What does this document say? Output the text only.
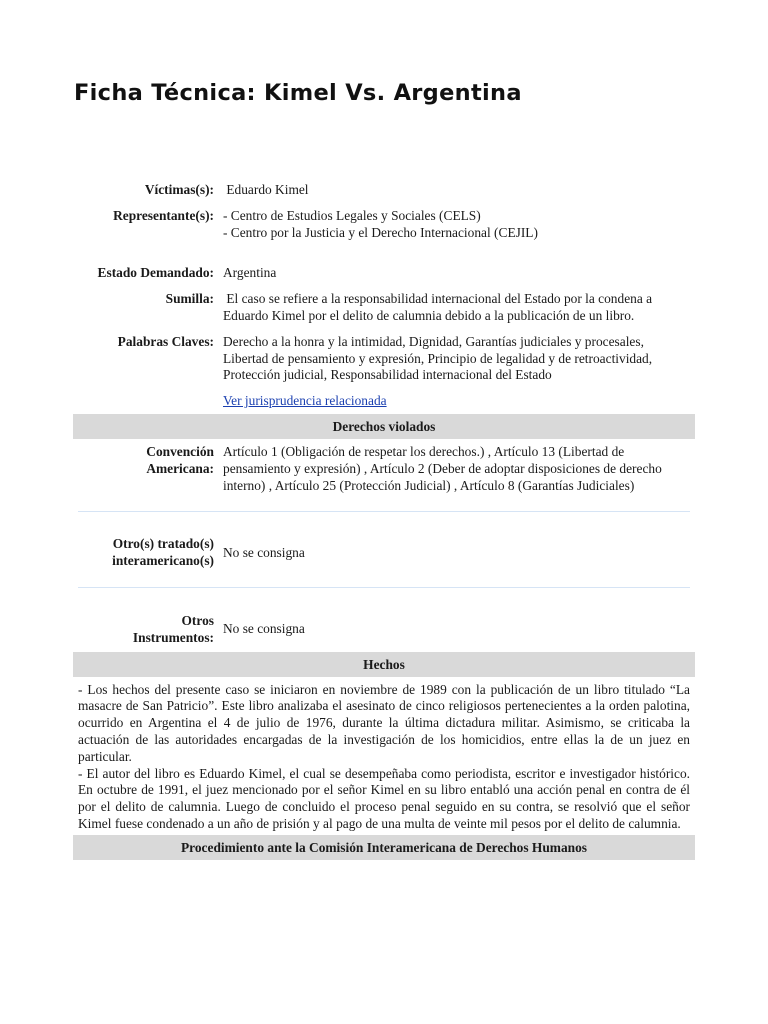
Ficha Técnica: Kimel Vs. Argentina
Víctimas(s): Eduardo Kimel
Representante(s): - Centro de Estudios Legales y Sociales (CELS)
- Centro por la Justicia y el Derecho Internacional (CEJIL)
Estado Demandado: Argentina
Sumilla: El caso se refiere a la responsabilidad internacional del Estado por la condena a Eduardo Kimel por el delito de calumnia debido a la publicación de un libro.
Palabras Claves: Derecho a la honra y la intimidad, Dignidad, Garantías judiciales y procesales, Libertad de pensamiento y expresión, Principio de legalidad y de retroactividad, Protección judicial, Responsabilidad internacional del Estado
Ver jurisprudencia relacionada
Derechos violados
Convención
Americana:
Artículo 1 (Obligación de respetar los derechos.) , Artículo 13 (Libertad de pensamiento y expresión) , Artículo 2 (Deber de adoptar disposiciones de derecho interno) , Artículo 25 (Protección Judicial) , Artículo 8 (Garantías Judiciales)
Otro(s) tratado(s)
interamericano(s)
No se consigna
Otros
Instrumentos:
No se consigna
Hechos

- Los hechos del presente caso se iniciaron en noviembre de 1989 con la publicación de un libro titulado “La masacre de San Patricio”. Este libro analizaba el asesinato de cinco religiosos pertenecientes a la orden palotina, ocurrido en Argentina el 4 de julio de 1976, durante la última dictadura militar. Asimismo, se criticaba la actuación de las autoridades encargadas de la investigación de los homicidios, entre ellas la de un juez en particular.

- El autor del libro es Eduardo Kimel, el cual se desempeñaba como periodista, escritor e investigador histórico. En octubre de 1991, el juez mencionado por el señor Kimel en su libro entabló una acción penal en contra de él por el delito de calumnia. Luego de concluido el proceso penal seguido en su contra, se resolvió que el señor Kimel fuese condenado a un año de prisión y al pago de una multa de veinte mil pesos por el delito de calumnia.

Procedimiento ante la Comisión Interamericana de Derechos Humanos
